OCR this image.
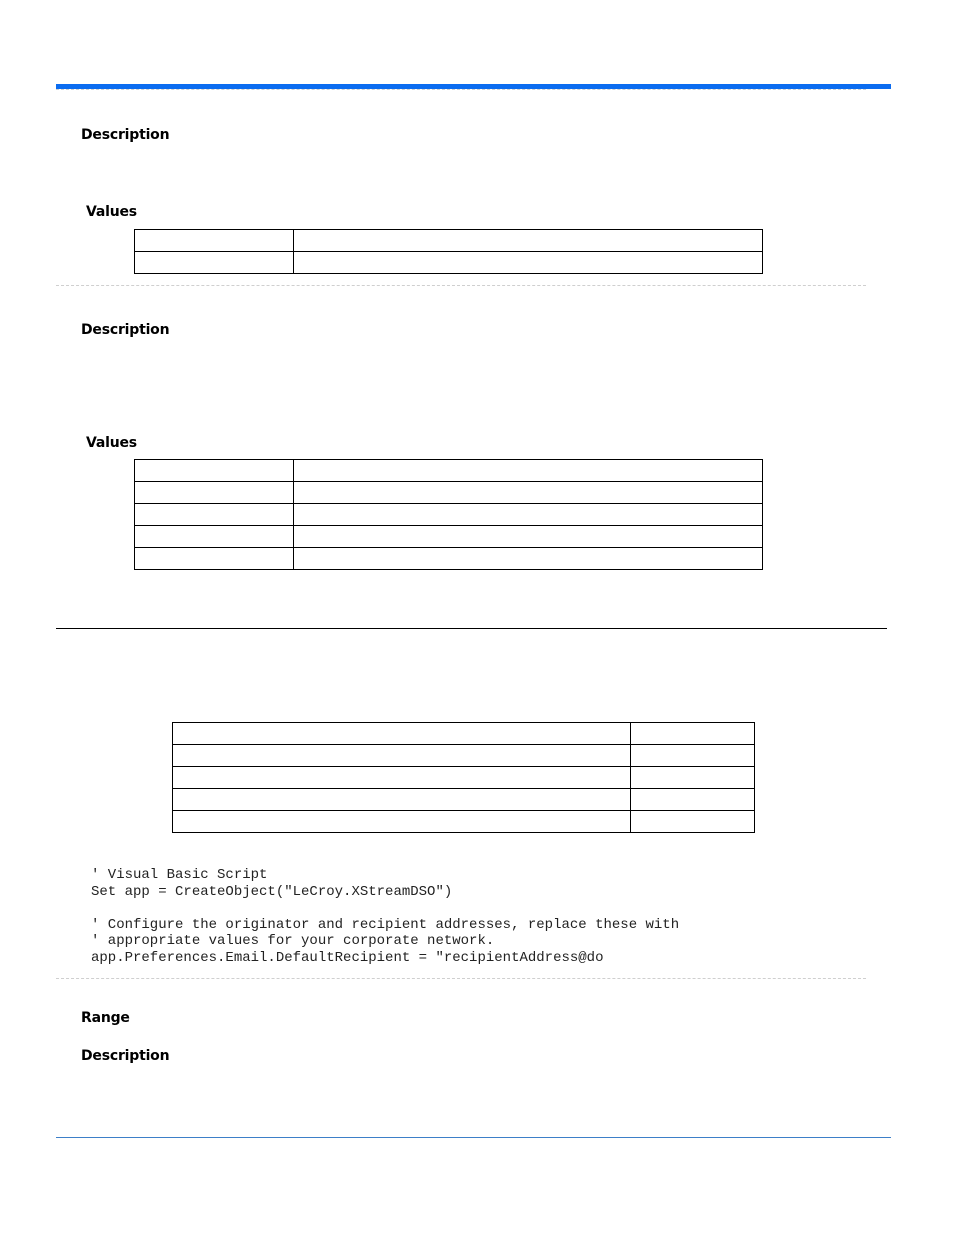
Description
Values

Description
Values

' Visual Basic Script
Set app = CreateObject("LeCroy.XStreamDSO")
' Configure the originator and recipient addresses, replace these with
' appropriate values for your corporate network.
app.Preferences.Email.DefaultRecipient = "recipientAddress@do
Range
Description
